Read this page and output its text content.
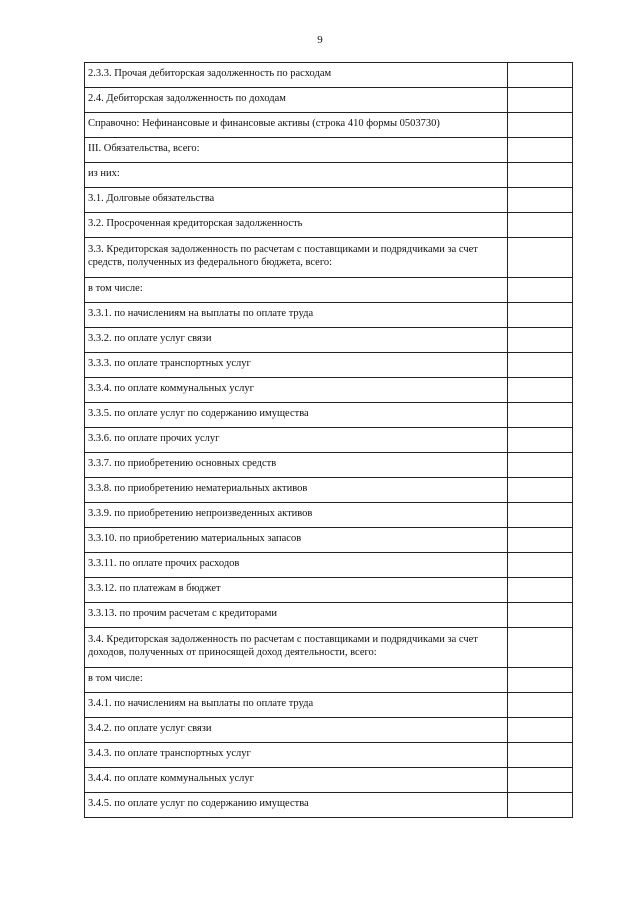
9
2.3.3. Прочая дебиторская задолженность по расходам	
2.4. Дебиторская задолженность по доходам	
Справочно: Нефинансовые и финансовые активы (строка 410 формы 0503730)	
III. Обязательства, всего:	
из них:	
3.1. Долговые обязательства	
3.2. Просроченная кредиторская задолженность	
3.3. Кредиторская задолженность по расчетам с поставщиками и подрядчиками за счет средств, полученных из федерального бюджета, всего:	
в том числе:	
3.3.1. по начислениям на выплаты по оплате труда	
3.3.2. по оплате услуг связи	
3.3.3. по оплате транспортных услуг	
3.3.4. по оплате коммунальных услуг	
3.3.5. по оплате услуг по содержанию имущества	
3.3.6. по оплате прочих услуг	
3.3.7. по приобретению основных средств	
3.3.8. по приобретению нематериальных активов	
3.3.9. по приобретению непроизведенных активов	
3.3.10. по приобретению материальных запасов	
3.3.11. по оплате прочих расходов	
3.3.12. по платежам в бюджет	
3.3.13. по прочим расчетам с кредиторами	
3.4. Кредиторская задолженность по расчетам с поставщиками и подрядчиками за счет доходов, полученных от приносящей доход деятельности, всего:	
в том числе:	
3.4.1. по начислениям на выплаты по оплате труда	
3.4.2. по оплате услуг связи	
3.4.3. по оплате транспортных услуг	
3.4.4. по оплате коммунальных услуг	
3.4.5. по оплате услуг по содержанию имущества	
